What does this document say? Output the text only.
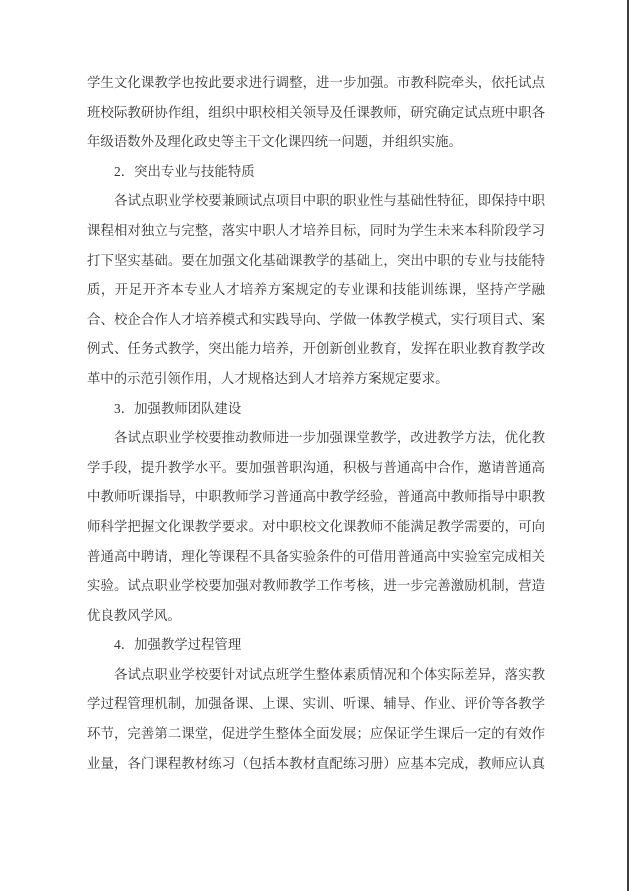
学生文化课教学也按此要求进行调整，进一步加强。市教科院牵头，依托试点
班校际教研协作组，组织中职校相关领导及任课教师，研究确定试点班中职各
年级语数外及理化政史等主干文化课四统一问题，并组织实施。
2．突出专业与技能特质
各试点职业学校要兼顾试点项目中职的职业性与基础性特征，即保持中职
课程相对独立与完整，落实中职人才培养目标，同时为学生未来本科阶段学习
打下坚实基础。要在加强文化基础课教学的基础上，突出中职的专业与技能特
质，开足开齐本专业人才培养方案规定的专业课和技能训练课，坚持产学融
合、校企合作人才培养模式和实践导向、学做一体教学模式，实行项目式、案
例式、任务式教学，突出能力培养，开创新创业教育，发挥在职业教育教学改
革中的示范引领作用，人才规格达到人才培养方案规定要求。
3．加强教师团队建设
各试点职业学校要推动教师进一步加强课堂教学，改进教学方法，优化教
学手段，提升教学水平。要加强普职沟通，积极与普通高中合作，邀请普通高
中教师听课指导，中职教师学习普通高中教学经验，普通高中教师指导中职教
师科学把握文化课教学要求。对中职校文化课教师不能满足教学需要的，可向
普通高中聘请，理化等课程不具备实验条件的可借用普通高中实验室完成相关
实验。试点职业学校要加强对教师教学工作考核，进一步完善激励机制，营造
优良教风学风。
4．加强教学过程管理
各试点职业学校要针对试点班学生整体素质情况和个体实际差异，落实教
学过程管理机制，加强备课、上课、实训、听课、辅导、作业、评价等各教学
环节，完善第二课堂，促进学生整体全面发展；应保证学生课后一定的有效作
业量，各门课程教材练习（包括本教材直配练习册）应基本完成，教师应认真
